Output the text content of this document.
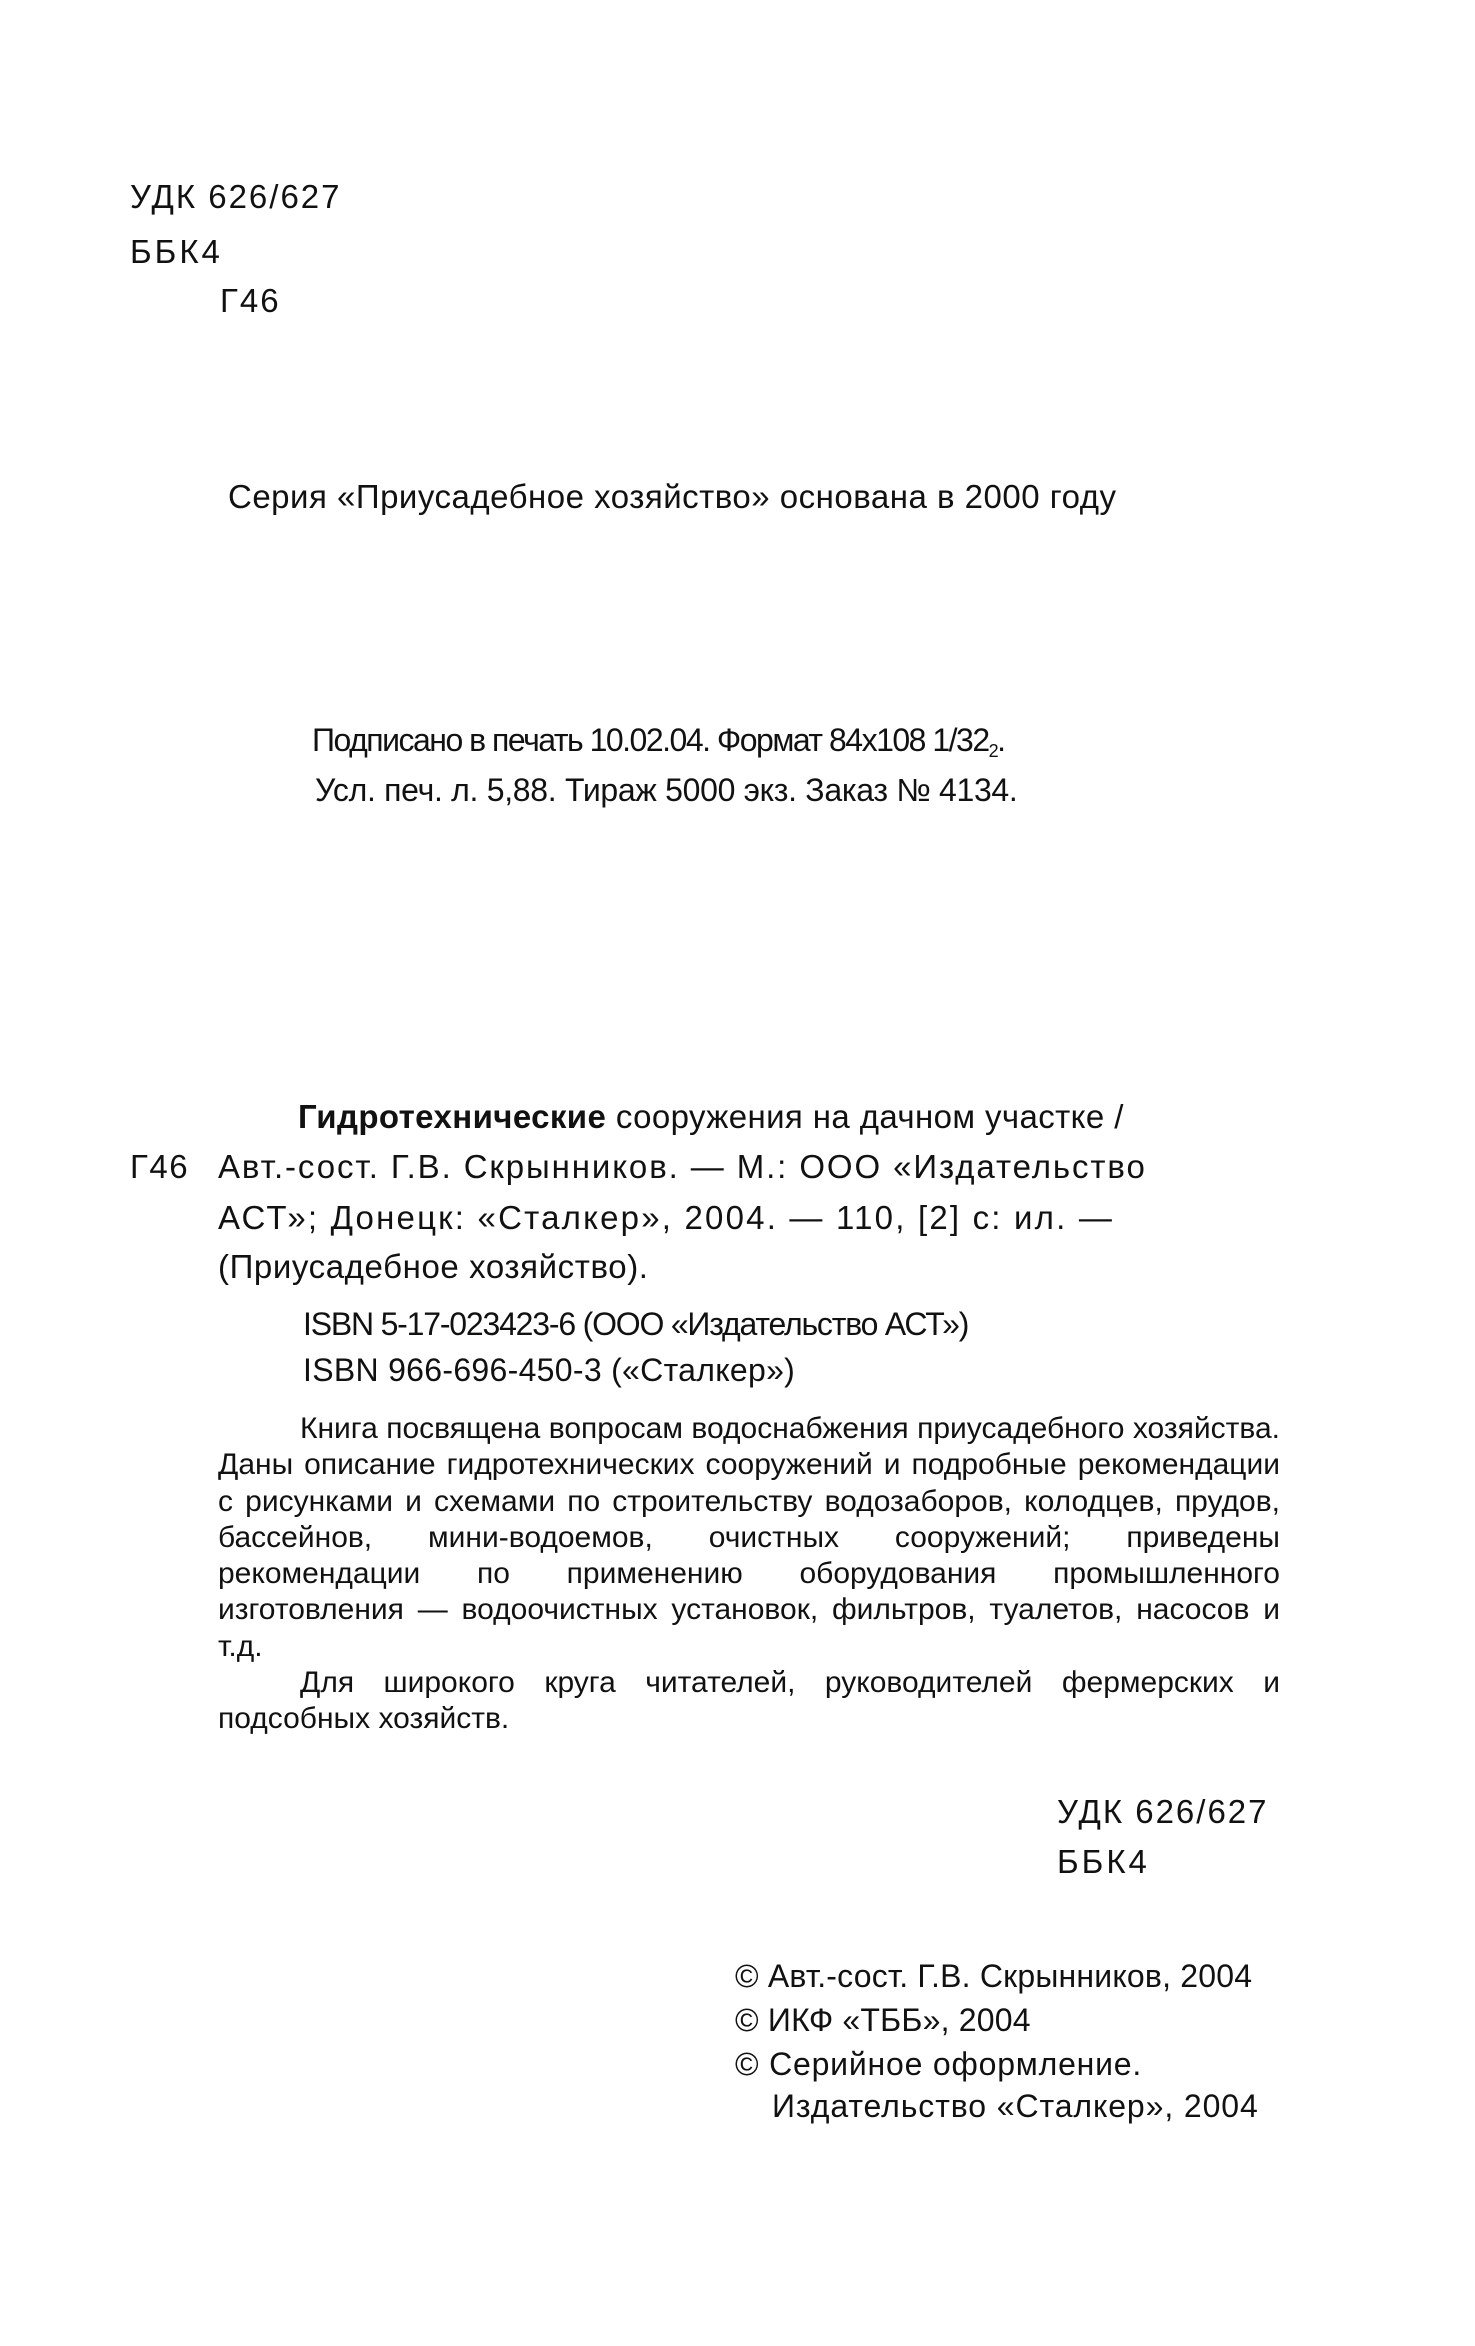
УДК 626/627
ББК4
Г46
Серия «Приусадебное хозяйство» основана в 2000 году
Подписано в печать 10.02.04. Формат 84x108 $1/32_2$.
Усл. печ. л. 5,88. Тираж 5000 экз. Заказ № 4134.
Гидротехнические сооружения на дачном участке /
Г46 Авт.-сост. Г.В. Скрынников. — М.: ООО «Издательство
АСТ»; Донецк: «Сталкер», 2004. — 110, [2] с: ил. —
(Приусадебное хозяйство).
ISBN 5-17-023423-6 (ООО «Издательство АСТ»)
ISBN 966-696-450-3 («Сталкер»)

Книга посвящена вопросам водоснабжения приусадебного хозяйства. Даны описание гидротехнических сооружений и подробные рекомендации с рисунками и схемами по строительству водозаборов, колодцев, прудов, бассейнов, мини-водоемов, очистных сооружений; приведены рекомендации по применению оборудования промышленного изготовления — водоочистных установок, фильтров, туалетов, насосов и т.д.

Для широкого круга читателей, руководителей фермерских и подсобных хозяйств.

УДК 626/627
ББК4
© Авт.-сост. Г.В. Скрынников, 2004
© ИКФ «ТББ», 2004
© Серийное оформление.
Издательство «Сталкер», 2004
